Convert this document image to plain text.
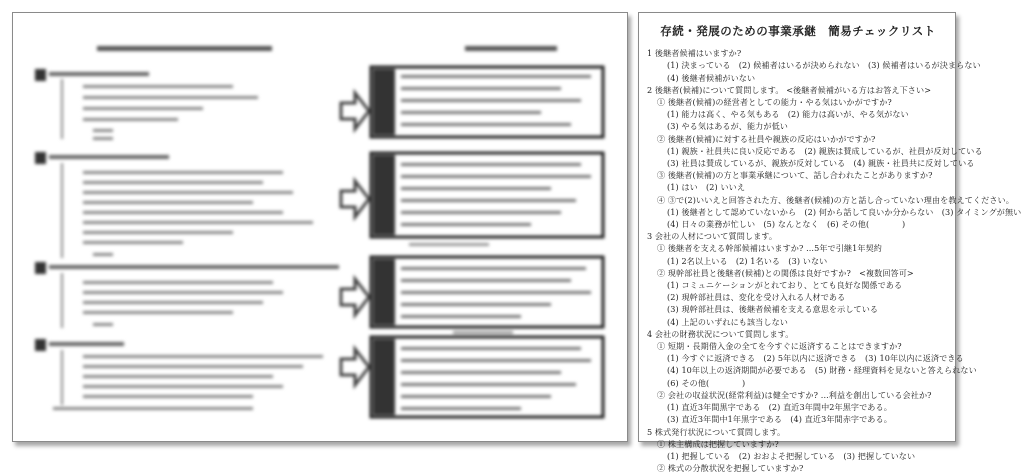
存続・発展のための事業承継　簡易チェックリスト
1 後継者候補はいますか?
(1) 決まっている　(2) 候補者はいるが決められない　(3) 候補者はいるが決まらない
(4) 後継者候補がいない
2 後継者(候補)について質問します。 <後継者候補がいる方はお答え下さい>
① 後継者(候補)の経営者としての能力・やる気はいかがですか?
(1) 能力は高く、やる気もある　(2) 能力は高いが、やる気がない
(3) やる気はあるが、能力が低い
② 後継者(候補)に対する社員や親族の反応はいかがですか?
(1) 親族・社員共に良い反応である　(2) 親族は賛成しているが、社員が反対している
(3) 社員は賛成しているが、親族が反対している　(4) 親族・社員共に反対している
③ 後継者(候補)の方と事業承継について、話し合われたことがありますか?
(1) はい　(2) いいえ
④ ③で(2)いいえと回答された方、後継者(候補)の方と話し合っていない理由を教えてください。
(1) 後継者として認めていないから　(2) 何から話して良いか分からない　(3) タイミングが無い
(4) 日々の業務が忙しい　(5) なんとなく　(6) その他(　　　　)
3 会社の人材について質問します。
① 後継者を支える幹部候補はいますか? ...5年で引継1年契約
(1) 2名以上いる　(2) 1名いる　(3) いない
② 現幹部社員と後継者(候補)との関係は良好ですか?　<複数回答可>
(1) コミュニケーションがとれており、とても良好な関係である
(2) 現幹部社員は、変化を受け入れる人材である
(3) 現幹部社員は、後継者候補を支える意思を示している
(4) 上記のいずれにも該当しない
4 会社の財務状況について質問します。
① 短期・長期借入金の全てを今すぐに返済することはできますか?
(1) 今すぐに返済できる　(2) 5年以内に返済できる　(3) 10年以内に返済できる
(4) 10年以上の返済期間が必要である　(5) 財務・経理資料を見ないと答えられない
(6) その他(　　　　)
② 会社の収益状況(経常利益)は健全ですか? ...利益を創出している会社か?
(1) 直近3年間黒字である　(2) 直近3年間中2年黒字である。
(3) 直近3年間中1年黒字である　(4) 直近3年間赤字である。
5 株式発行状況について質問します。
① 株主構成は把握していますか?
(1) 把握している　(2) おおよそ把握している　(3) 把握していない
② 株式の分散状況を把握していますか?
